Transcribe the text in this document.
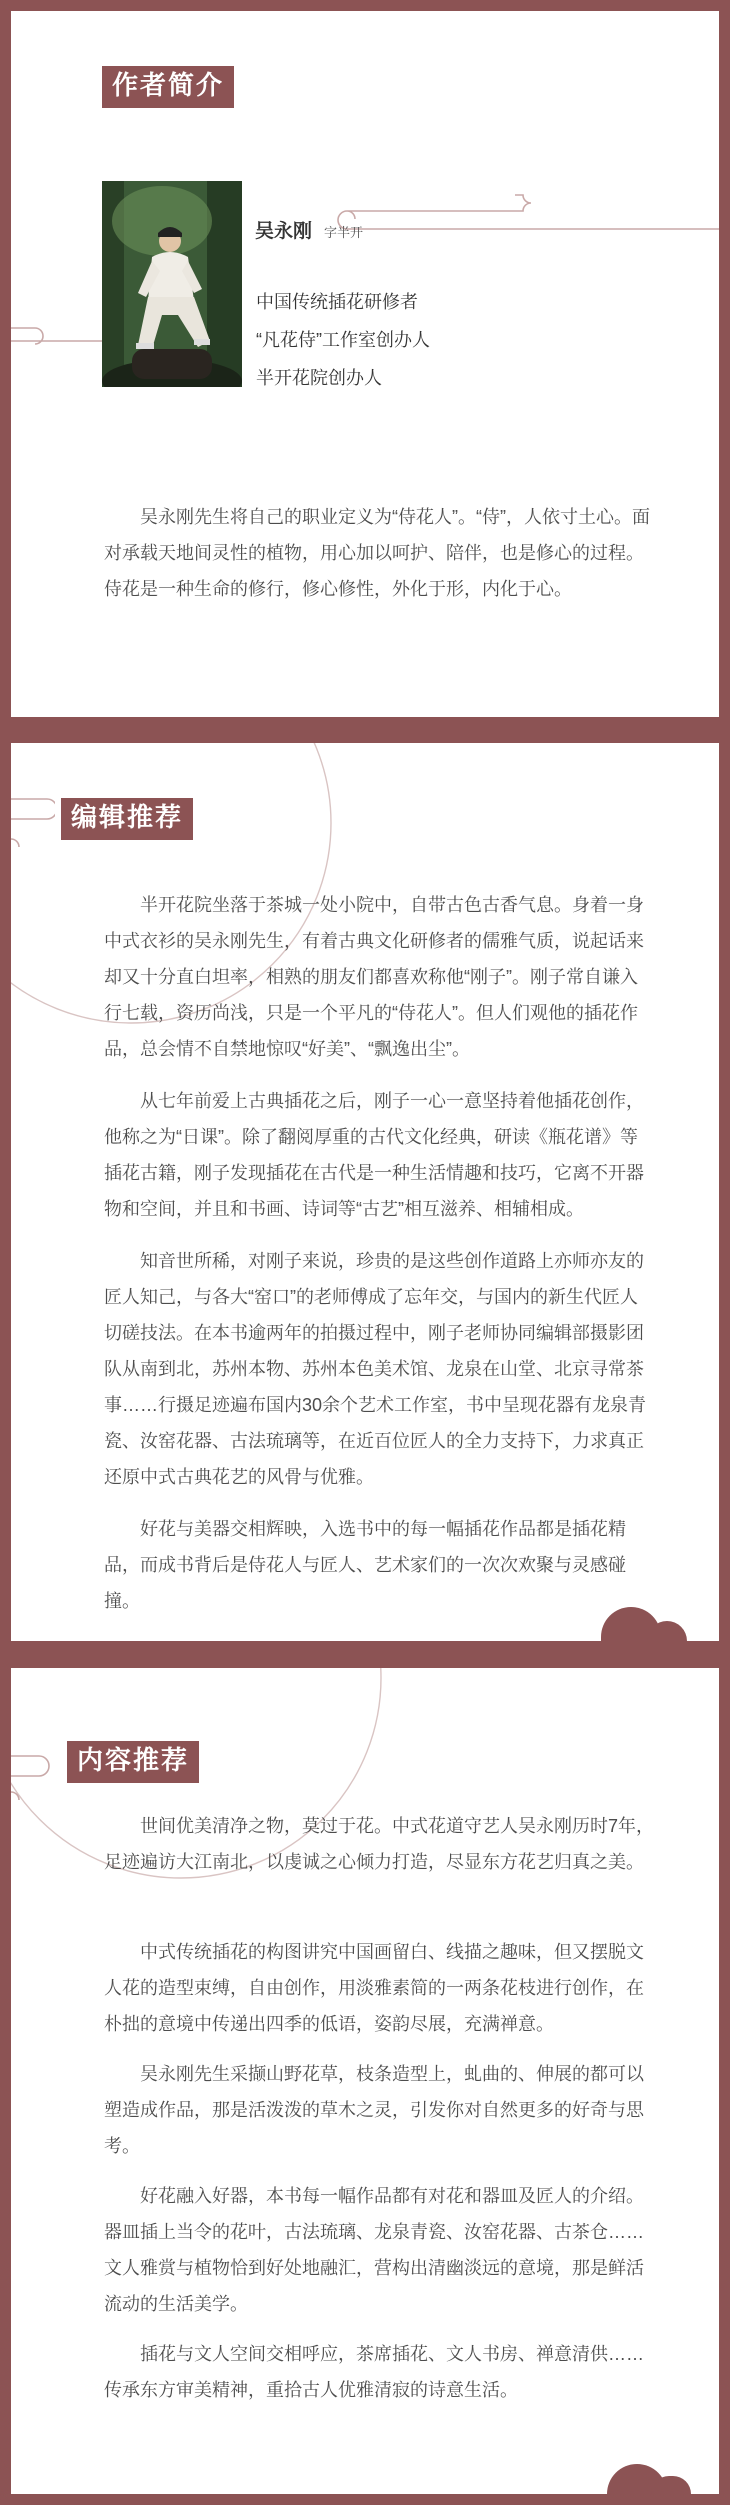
作者简介
吴永刚 字半开
中国传统插花研修者
“凡花侍”工作室创办人
半开花院创办人

吴永刚先生将自己的职业定义为“侍花人”。“侍”，人依寸土心。面对承载天地间灵性的植物，用心加以呵护、陪伴，也是修心的过程。侍花是一种生命的修行，修心修性，外化于形，内化于心。

编辑推荐

半开花院坐落于茶城一处小院中，自带古色古香气息。身着一身中式衣衫的吴永刚先生，有着古典文化研修者的儒雅气质，说起话来却又十分直白坦率，相熟的朋友们都喜欢称他“刚子”。刚子常自谦入行七载，资历尚浅，只是一个平凡的“侍花人”。但人们观他的插花作品，总会情不自禁地惊叹“好美”、“飘逸出尘”。

从七年前爱上古典插花之后，刚子一心一意坚持着他插花创作，他称之为“日课”。除了翻阅厚重的古代文化经典，研读《瓶花谱》等插花古籍，刚子发现插花在古代是一种生活情趣和技巧，它离不开器物和空间，并且和书画、诗词等“古艺”相互滋养、相辅相成。

知音世所稀，对刚子来说，珍贵的是这些创作道路上亦师亦友的匠人知己，与各大“窑口”的老师傅成了忘年交，与国内的新生代匠人切磋技法。在本书逾两年的拍摄过程中，刚子老师协同编辑部摄影团队从南到北，苏州本物、苏州本色美术馆、龙泉在山堂、北京寻常茶事……行摄足迹遍布国内30余个艺术工作室，书中呈现花器有龙泉青瓷、汝窑花器、古法琉璃等，在近百位匠人的全力支持下，力求真正还原中式古典花艺的风骨与优雅。

好花与美器交相辉映，入选书中的每一幅插花作品都是插花精品，而成书背后是侍花人与匠人、艺术家们的一次次欢聚与灵感碰撞。

内容推荐

世间优美清净之物，莫过于花。中式花道守艺人吴永刚历时7年，足迹遍访大江南北，以虔诚之心倾力打造，尽显东方花艺归真之美。

中式传统插花的构图讲究中国画留白、线描之趣味，但又摆脱文人花的造型束缚，自由创作，用淡雅素简的一两条花枝进行创作，在朴拙的意境中传递出四季的低语，姿韵尽展，充满禅意。

吴永刚先生采撷山野花草，枝条造型上，虬曲的、伸展的都可以塑造成作品，那是活泼泼的草木之灵，引发你对自然更多的好奇与思考。

好花融入好器，本书每一幅作品都有对花和器皿及匠人的介绍。器皿插上当令的花叶，古法琉璃、龙泉青瓷、汝窑花器、古茶仓……文人雅赏与植物恰到好处地融汇，营构出清幽淡远的意境，那是鲜活流动的生活美学。

插花与文人空间交相呼应，茶席插花、文人书房、禅意清供……传承东方审美精神，重拾古人优雅清寂的诗意生活。
